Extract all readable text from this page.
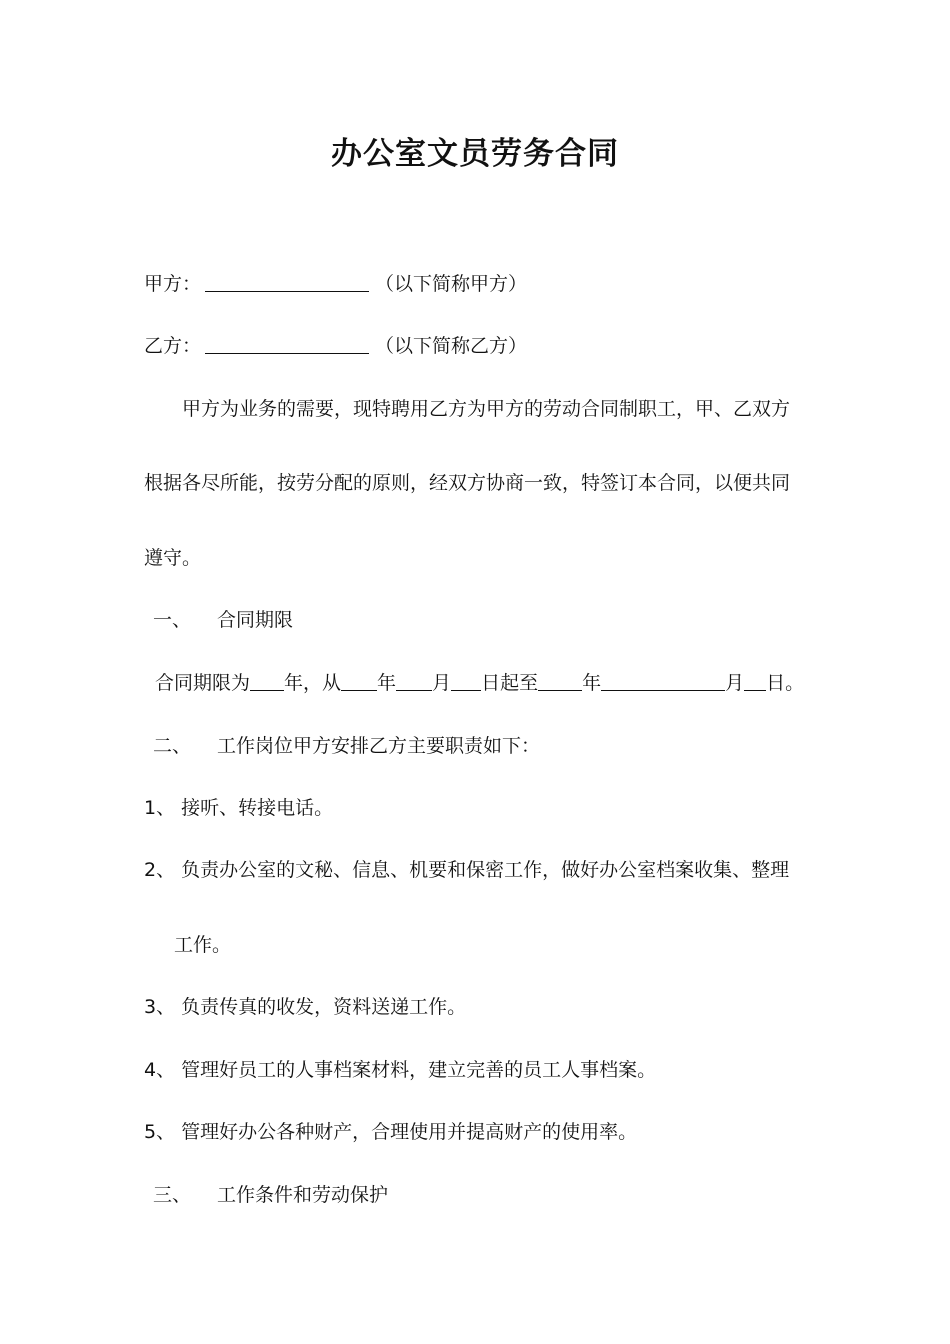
办公室文员劳务合同
甲方：	（以下简称甲方）
乙方：	（以下简称乙方）
甲方为业务的需要，现特聘用乙方为甲方的劳动合同制职工，甲、乙双方
根据各尽所能，按劳分配的原则，经双方协商一致，特签订本合同，以便共同
遵守。
一、 合同期限
合同期限为 年，从 年 月 日起至 年	月 日。
二、 工作岗位甲方安排乙方主要职责如下：
1、 接听、转接电话。
2、 负责办公室的文秘、信息、机要和保密工作，做好办公室档案收集、整理
工作。
3、 负责传真的收发，资料送递工作。
4、 管理好员工的人事档案材料，建立完善的员工人事档案。
5、 管理好办公各种财产，合理使用并提高财产的使用率。
三、 工作条件和劳动保护
